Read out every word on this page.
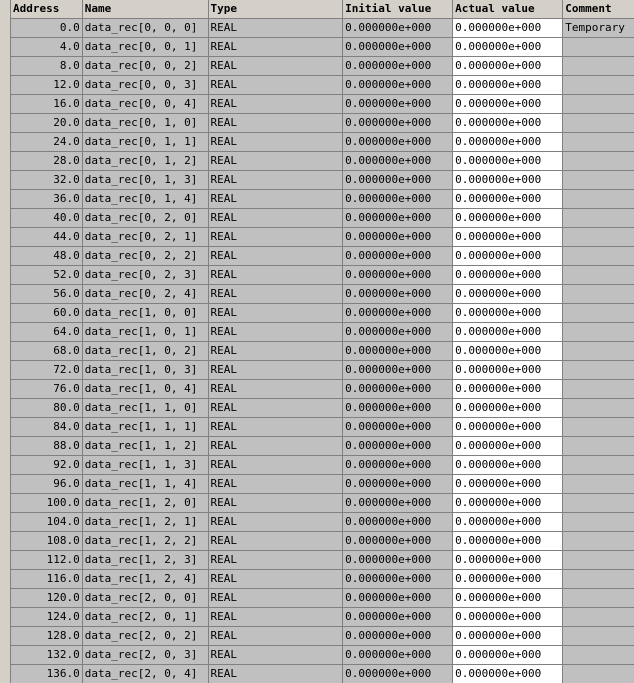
Address	Name	Type	Initial value	Actual value	Comment
0.0 data_rec[0, 0, 0]	REAL	0.000000e+000	0.000000e+000	Temporary
4.0 data_rec[0, 0, 1]	REAL	0.000000e+000	0.000000e+000
8.0 data_rec[0, 0, 2]	REAL	0.000000e+000	0.000000e+000
12.0 data_rec[0, 0, 3]	REAL	0.000000e+000	0.000000e+000
16.0 data_rec[0, 0, 4]	REAL	0.000000e+000	0.000000e+000
20.0 data_rec[0, 1, 0]	REAL	0.000000e+000	0.000000e+000
24.0 data_rec[0, 1, 1]	REAL	0.000000e+000	0.000000e+000
28.0 data_rec[0, 1, 2]	REAL	0.000000e+000	0.000000e+000
32.0 data_rec[0, 1, 3]	REAL	0.000000e+000	0.000000e+000
36.0 data_rec[0, 1, 4]	REAL	0.000000e+000	0.000000e+000
40.0 data_rec[0, 2, 0]	REAL	0.000000e+000	0.000000e+000
44.0 data_rec[0, 2, 1]	REAL	0.000000e+000	0.000000e+000
48.0 data_rec[0, 2, 2]	REAL	0.000000e+000	0.000000e+000
52.0 data_rec[0, 2, 3]	REAL	0.000000e+000	0.000000e+000
56.0 data_rec[0, 2, 4]	REAL	0.000000e+000	0.000000e+000
60.0 data_rec[1, 0, 0]	REAL	0.000000e+000	0.000000e+000
64.0 data_rec[1, 0, 1]	REAL	0.000000e+000	0.000000e+000
68.0 data_rec[1, 0, 2]	REAL	0.000000e+000	0.000000e+000
72.0 data_rec[1, 0, 3]	REAL	0.000000e+000	0.000000e+000
76.0 data_rec[1, 0, 4]	REAL	0.000000e+000	0.000000e+000
80.0 data_rec[1, 1, 0]	REAL	0.000000e+000	0.000000e+000
84.0 data_rec[1, 1, 1]	REAL	0.000000e+000	0.000000e+000
88.0 data_rec[1, 1, 2]	REAL	0.000000e+000	0.000000e+000
92.0 data_rec[1, 1, 3]	REAL	0.000000e+000	0.000000e+000
96.0 data_rec[1, 1, 4]	REAL	0.000000e+000	0.000000e+000
100.0 data_rec[1, 2, 0]	REAL	0.000000e+000	0.000000e+000
104.0 data_rec[1, 2, 1]	REAL	0.000000e+000	0.000000e+000
108.0 data_rec[1, 2, 2]	REAL	0.000000e+000	0.000000e+000
112.0 data_rec[1, 2, 3]	REAL	0.000000e+000	0.000000e+000
116.0 data_rec[1, 2, 4]	REAL	0.000000e+000	0.000000e+000
120.0 data_rec[2, 0, 0]	REAL	0.000000e+000	0.000000e+000
124.0 data_rec[2, 0, 1]	REAL	0.000000e+000	0.000000e+000
128.0 data_rec[2, 0, 2]	REAL	0.000000e+000	0.000000e+000
132.0 data_rec[2, 0, 3]	REAL	0.000000e+000	0.000000e+000
136.0 data_rec[2, 0, 4]	REAL	0.000000e+000	0.000000e+000
